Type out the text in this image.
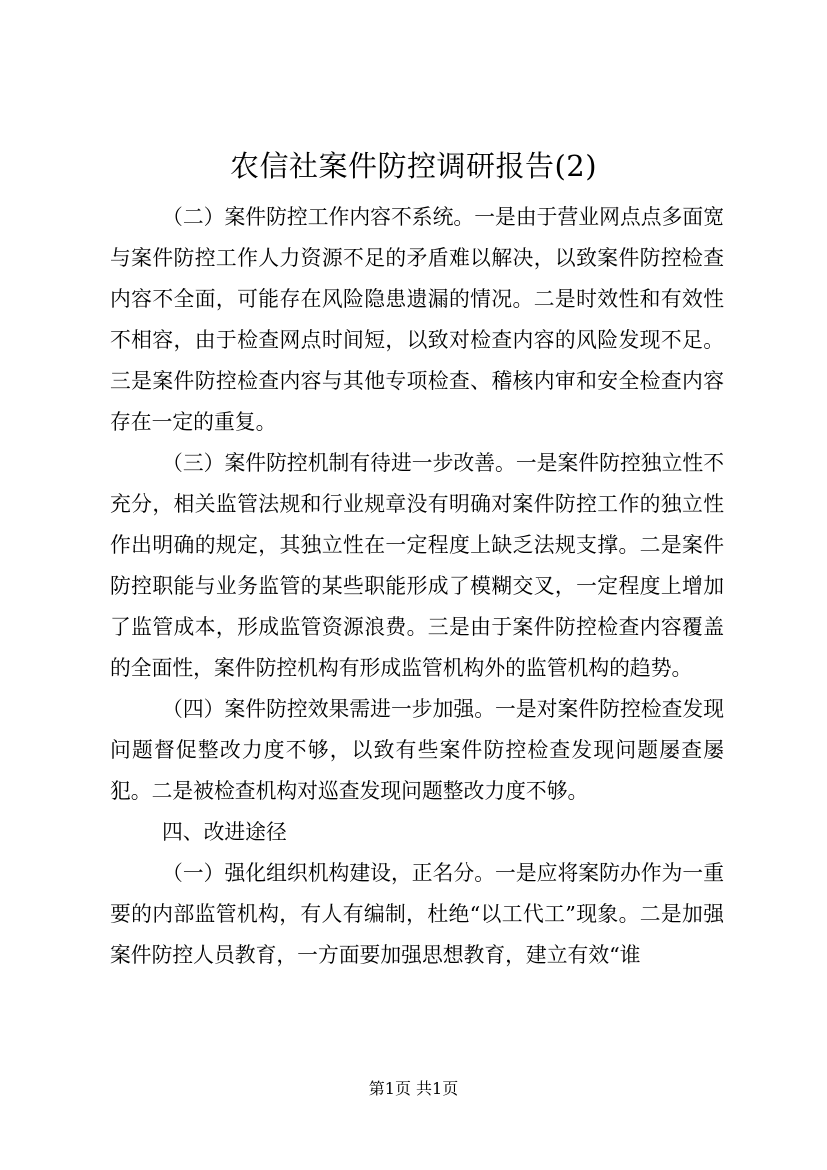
农信社案件防控调研报告(2)

（二）案件防控工作内容不系统。一是由于营业网点点多面宽与案件防控工作人力资源不足的矛盾难以解决，以致案件防控检查内容不全面，可能存在风险隐患遗漏的情况。二是时效性和有效性不相容，由于检查网点时间短，以致对检查内容的风险发现不足。三是案件防控检查内容与其他专项检查、稽核内审和安全检查内容存在一定的重复。

（三）案件防控机制有待进一步改善。一是案件防控独立性不充分，相关监管法规和行业规章没有明确对案件防控工作的独立性作出明确的规定，其独立性在一定程度上缺乏法规支撑。二是案件防控职能与业务监管的某些职能形成了模糊交叉，一定程度上增加了监管成本，形成监管资源浪费。三是由于案件防控检查内容覆盖的全面性，案件防控机构有形成监管机构外的监管机构的趋势。

（四）案件防控效果需进一步加强。一是对案件防控检查发现问题督促整改力度不够，以致有些案件防控检查发现问题屡查屡犯。二是被检查机构对巡查发现问题整改力度不够。

四、改进途径

（一）强化组织机构建设，正名分。一是应将案防办作为一重要的内部监管机构，有人有编制，杜绝“以工代工”现象。二是加强案件防控人员教育，一方面要加强思想教育，建立有效“谁

第1页 共1页
